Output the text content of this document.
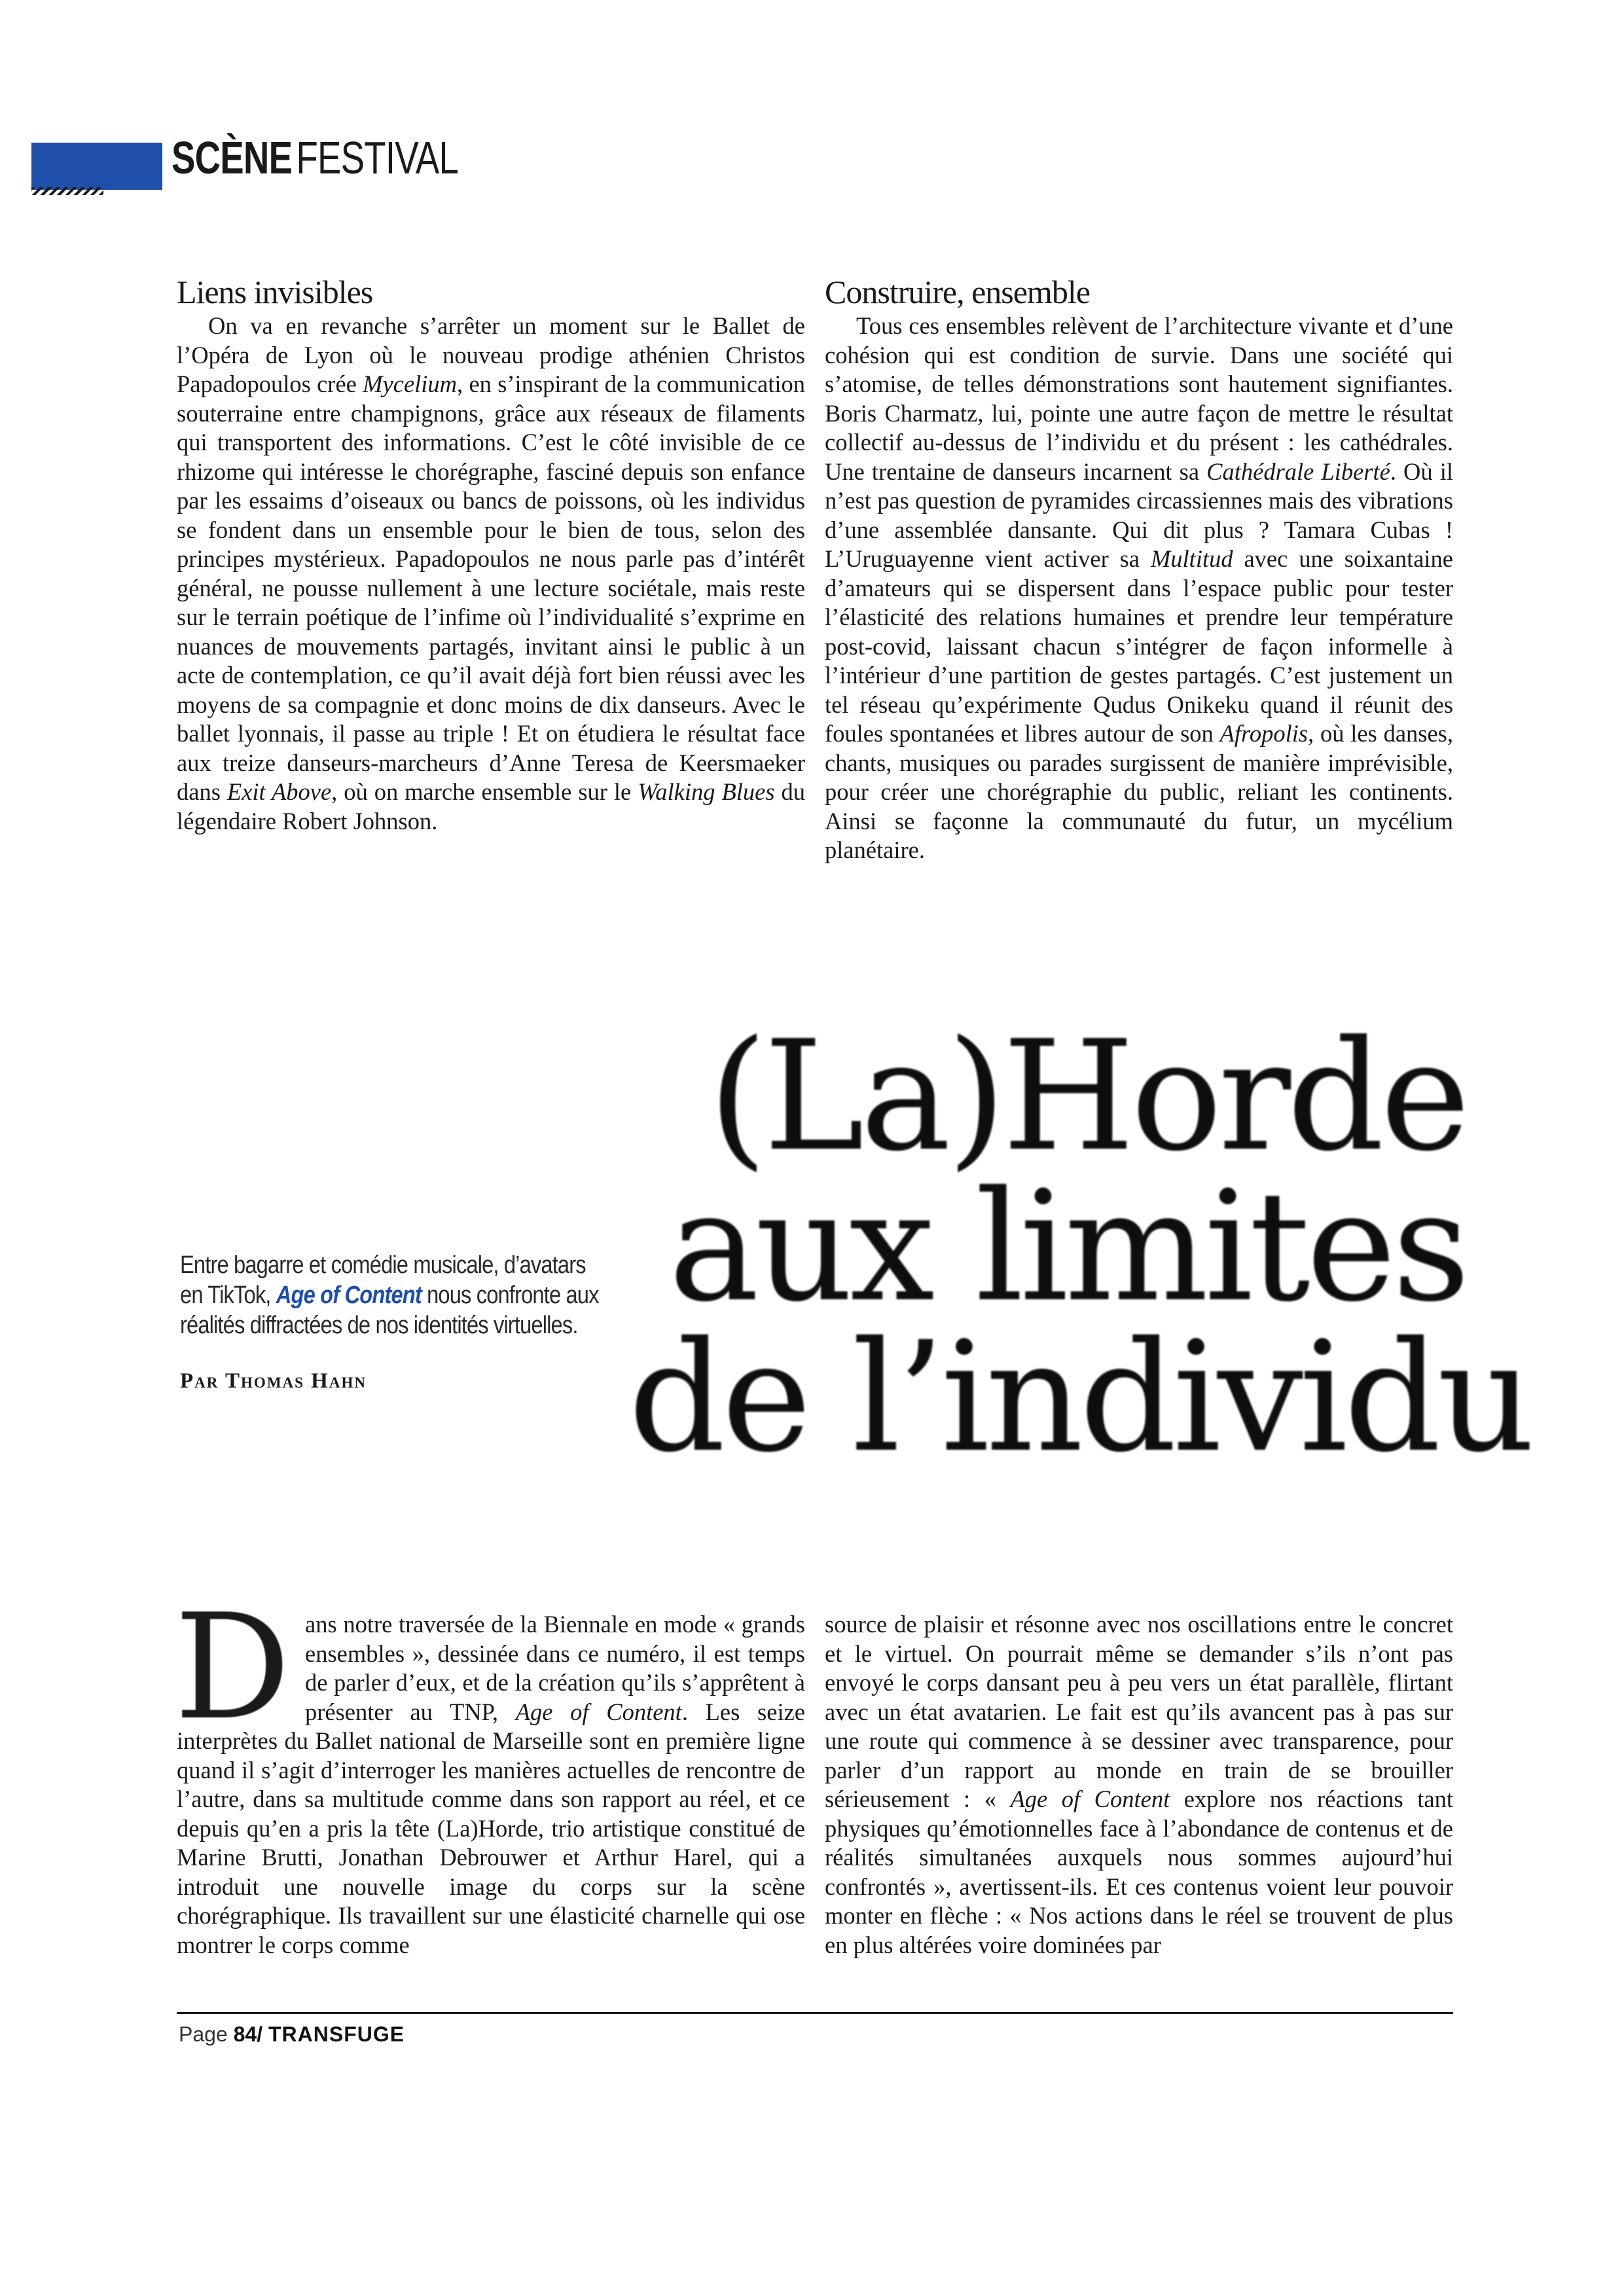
SCÈNEFESTIVAL
Liens invisibles

On va en revanche s’arrêter un moment sur le Ballet de l’Opéra de Lyon où le nouveau prodige athénien Christos Papadopoulos crée Mycelium, en s’inspirant de la communication souterraine entre champignons, grâce aux réseaux de filaments qui transportent des informations. C’est le côté invisible de ce rhizome qui intéresse le chorégraphe, fasciné depuis son enfance par les essaims d’oiseaux ou bancs de poissons, où les individus se fondent dans un ensemble pour le bien de tous, selon des principes mystérieux. Papadopoulos ne nous parle pas d’intérêt général, ne pousse nullement à une lecture sociétale, mais reste sur le terrain poétique de l’infime où l’individualité s’exprime en nuances de mouvements partagés, invitant ainsi le public à un acte de contemplation, ce qu’il avait déjà fort bien réussi avec les moyens de sa compagnie et donc moins de dix danseurs. Avec le ballet lyonnais, il passe au triple ! Et on étudiera le résultat face aux treize danseurs-marcheurs d’Anne Teresa de Keersmaeker dans Exit Above, où on marche ensemble sur le Walking Blues du légendaire Robert Johnson.

Construire, ensemble

Tous ces ensembles relèvent de l’architecture vivante et d’une cohésion qui est condition de survie. Dans une société qui s’atomise, de telles démonstrations sont hautement signifiantes. Boris Charmatz, lui, pointe une autre façon de mettre le résultat collectif au-dessus de l’individu et du présent : les cathédrales. Une trentaine de danseurs incarnent sa Cathédrale Liberté. Où il n’est pas question de pyramides circassiennes mais des vibrations d’une assemblée dansante. Qui dit plus ? Tamara Cubas ! L’Uruguayenne vient activer sa Multitud avec une soixantaine d’amateurs qui se dispersent dans l’espace public pour tester l’élasticité des relations humaines et prendre leur température post-covid, laissant chacun s’intégrer de façon informelle à l’intérieur d’une partition de gestes partagés. C’est justement un tel réseau qu’expérimente Qudus Onikeku quand il réunit des foules spontanées et libres autour de son Afropolis, où les danses, chants, musiques ou parades surgissent de manière imprévisible, pour créer une chorégraphie du public, reliant les continents. Ainsi se façonne la communauté du futur, un mycélium planétaire.

(La)Horde
aux limites
de l’individu
Entre bagarre et comédie musicale, d’avatars en TikTok, Age of Content nous confronte aux réalités diffractées de nos identités virtuelles.
Par Thomas Hahn

Dans notre traversée de la Biennale en mode « grands ensembles », dessinée dans ce numéro, il est temps de parler d’eux, et de la création qu’ils s’apprêtent à présenter au TNP, Age of Content. Les seize interprètes du Ballet national de Marseille sont en première ligne quand il s’agit d’interroger les manières actuelles de rencontre de l’autre, dans sa multitude comme dans son rapport au réel, et ce depuis qu’en a pris la tête (La)Horde, trio artistique constitué de Marine Brutti, Jonathan Debrouwer et Arthur Harel, qui a introduit une nouvelle image du corps sur la scène chorégraphique. Ils travaillent sur une élasticité charnelle qui ose montrer le corps comme

source de plaisir et résonne avec nos oscillations entre le concret et le virtuel. On pourrait même se demander s’ils n’ont pas envoyé le corps dansant peu à peu vers un état parallèle, flirtant avec un état avatarien. Le fait est qu’ils avancent pas à pas sur une route qui commence à se dessiner avec transparence, pour parler d’un rapport au monde en train de se brouiller sérieusement : « Age of Content explore nos réactions tant physiques qu’émotionnelles face à l’abondance de contenus et de réalités simultanées auxquels nous sommes aujourd’hui confrontés », avertissent-ils. Et ces contenus voient leur pouvoir monter en flèche : « Nos actions dans le réel se trouvent de plus en plus altérées voire dominées par

Page 84/ TRANSFUGE
